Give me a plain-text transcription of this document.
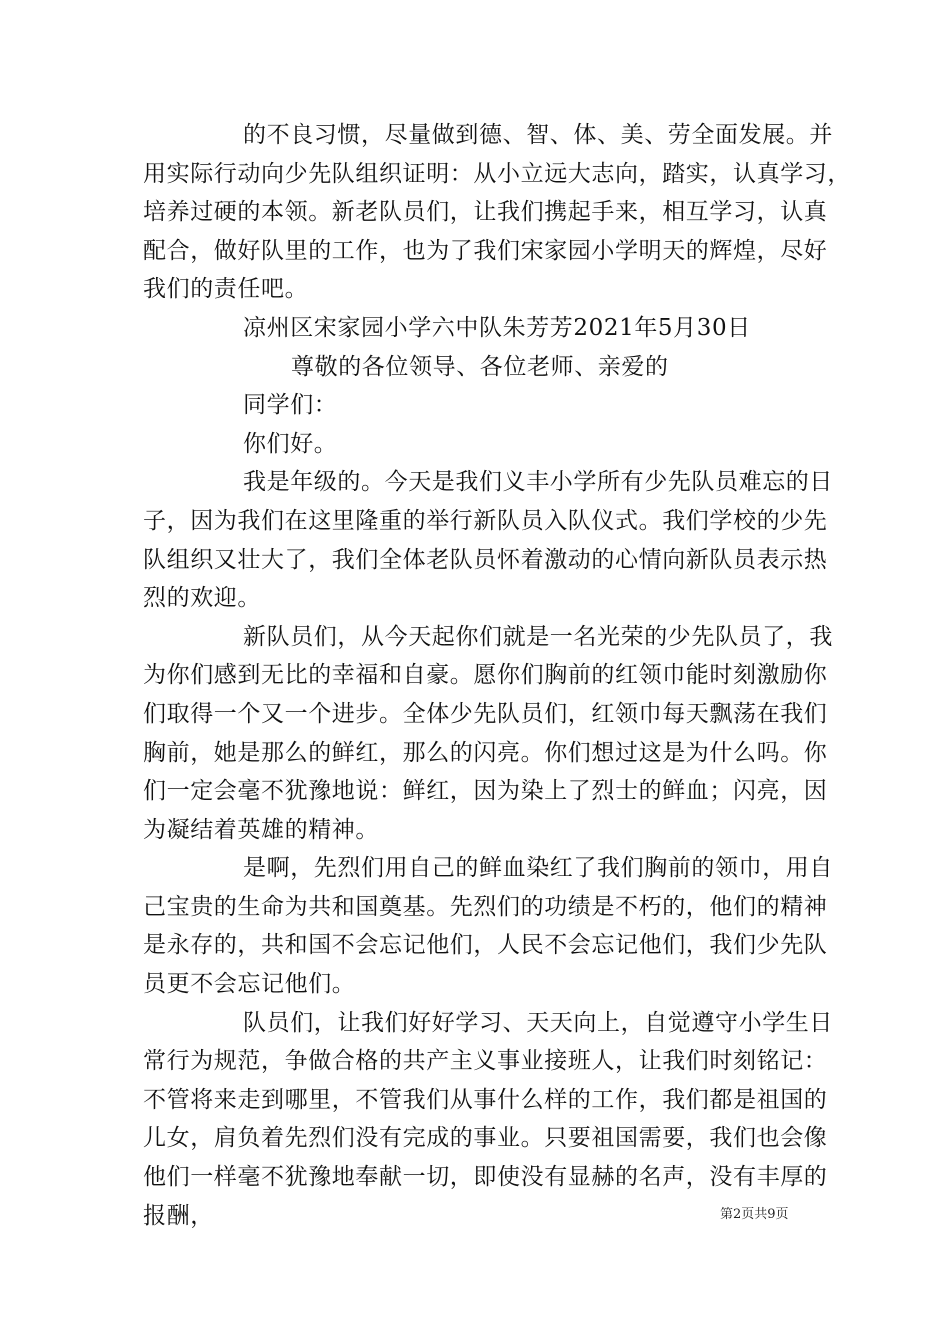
的不良习惯，尽量做到德、智、体、美、劳全面发展。并
用实际行动向少先队组织证明：从小立远大志向，踏实，认真学习，
培养过硬的本领。新老队员们，让我们携起手来，相互学习，认真
配合，做好队里的工作，也为了我们宋家园小学明天的辉煌，尽好
我们的责任吧。
凉州区宋家园小学六中队朱芳芳2021年5月30日
尊敬的各位领导、各位老师、亲爱的
同学们：
你们好。
我是年级的。今天是我们义丰小学所有少先队员难忘的日
子，因为我们在这里隆重的举行新队员入队仪式。我们学校的少先
队组织又壮大了，我们全体老队员怀着激动的心情向新队员表示热
烈的欢迎。
新队员们，从今天起你们就是一名光荣的少先队员了，我
为你们感到无比的幸福和自豪。愿你们胸前的红领巾能时刻激励你
们取得一个又一个进步。全体少先队员们，红领巾每天飘荡在我们
胸前，她是那么的鲜红，那么的闪亮。你们想过这是为什么吗。你
们一定会毫不犹豫地说：鲜红，因为染上了烈士的鲜血；闪亮，因
为凝结着英雄的精神。
是啊，先烈们用自己的鲜血染红了我们胸前的领巾，用自
己宝贵的生命为共和国奠基。先烈们的功绩是不朽的，他们的精神
是永存的，共和国不会忘记他们，人民不会忘记他们，我们少先队
员更不会忘记他们。
队员们，让我们好好学习、天天向上，自觉遵守小学生日
常行为规范，争做合格的共产主义事业接班人，让我们时刻铭记：
不管将来走到哪里，不管我们从事什么样的工作，我们都是祖国的
儿女，肩负着先烈们没有完成的事业。只要祖国需要，我们也会像
他们一样毫不犹豫地奉献一切，即使没有显赫的名声，没有丰厚的
报酬，	第2页共9页
